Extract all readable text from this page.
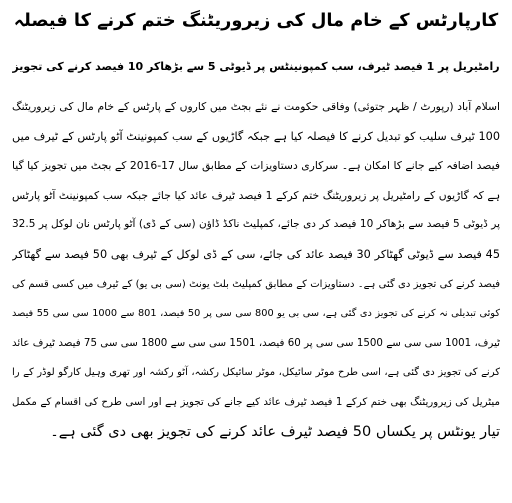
کارپارٹس کے خام مال کی زیروریٹنگ ختم کرنے کا فیصلہ
رامٹیریل پر 1 فیصد ٹیرف، سب کمپونینٹس پر ڈیوٹی 5 سے بڑھاکر 10 فیصد کرنے کی تجویز
اسلام آباد (رپورٹ / ظہر جتوئی) وفاقی حکومت نے نئے بجٹ میں کاروں کے پارٹس کے خام مال کی زیروریٹنگ
100 ٹیرف سلیب کو تبدیل کرنے کا فیصلہ کیا ہے جبکہ گاڑیوں کے سب کمپونینٹ آٹو پارٹس کے ٹیرف میں
فیصد اضافہ کیے جانے کا امکان ہے۔ سرکاری دستاویزات کے مطابق سال 17-2016 کے بجٹ میں تجویز کیا گیا
ہے کہ گاڑیوں کے رامٹیریل پر زیروریٹنگ ختم کرکے 1 فیصد ٹیرف عائد کیا جائے جبکہ سب کمپونینٹ آٹو پارٹس
پر ڈیوٹی 5 فیصد سے بڑھاکر 10 فیصد کر دی جائے، کمپلیٹ ناکڈ ڈاؤن (سی کے ڈی) آٹو پارٹس نان لوکل پر 32.5
45 فیصد سے ڈیوٹی گھٹاکر 30 فیصد عائد کی جائے، سی کے ڈی لوکل کے ٹیرف بھی 50 فیصد سے گھٹاکر
فیصد کرنے کی تجویز دی گئی ہے۔ دستاویزات کے مطابق کمپلیٹ بلٹ یونٹ (سی بی یو) کے ٹیرف میں کسی قسم کی
کوئی تبدیلی نہ کرنے کی تجویز دی گئی ہے، سی بی یو 800 سی سی پر 50 فیصد، 801 سے 1000 سی سی 55 فیصد
ٹیرف، 1001 سی سی سے 1500 سی سی پر 60 فیصد، 1501 سی سی سے 1800 سی سی 75 فیصد ٹیرف عائد
کرنے کی تجویز دی گئی ہے، اسی طرح موٹر سائیکل، موٹر سائیکل رکشہ، آٹو رکشہ اور تھری وہیل کارگو لوڈر کے را
میٹریل کی زیروریٹنگ بھی ختم کرکے 1 فیصد ٹیرف عائد کیے جانے کی تجویز ہے اور اسی طرح کی اقسام کے مکمل
تیار یونٹس پر یکساں 50 فیصد ٹیرف عائد کرنے کی تجویز بھی دی گئی ہے۔
